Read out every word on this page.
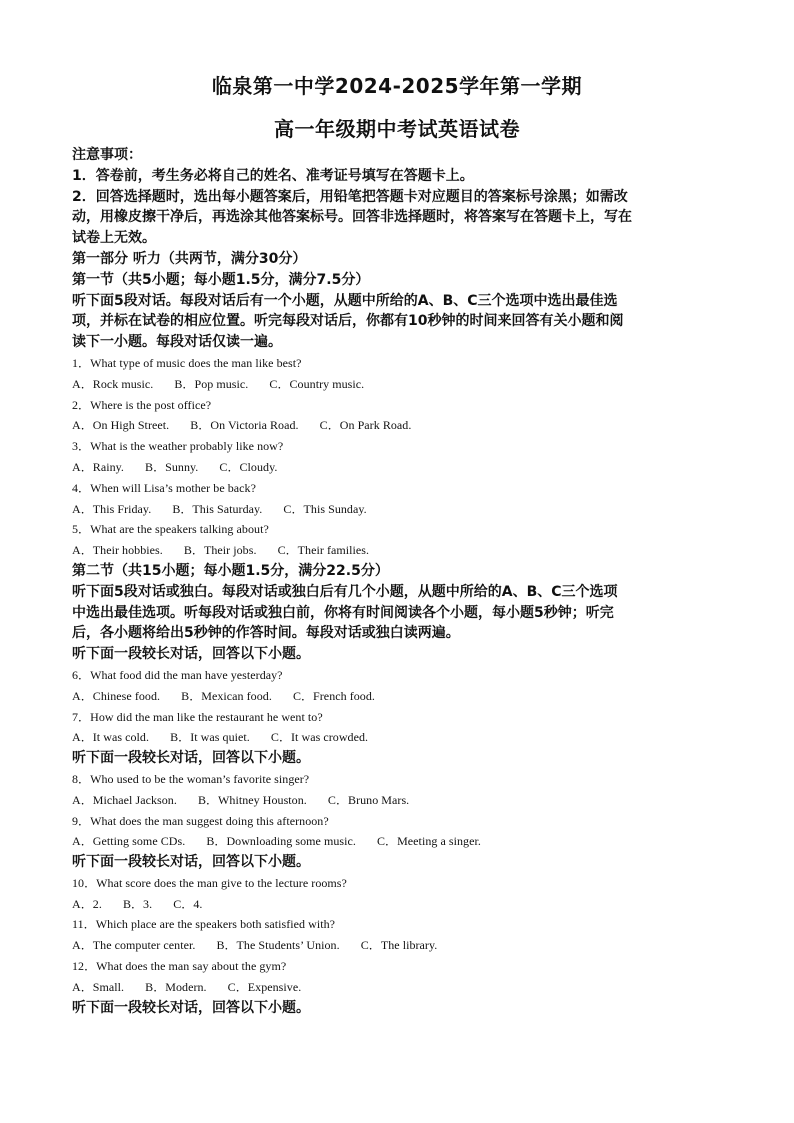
临泉第一中学2024-2025学年第一学期
高一年级期中考试英语试卷
注意事项：
1．答卷前，考生务必将自己的姓名、准考证号填写在答题卡上。
2．回答选择题时，选出每小题答案后，用铅笔把答题卡对应题目的答案标号涂黑；如需改
动，用橡皮擦干净后，再选涂其他答案标号。回答非选择题时，将答案写在答题卡上，写在
试卷上无效。
第一部分 听力（共两节，满分30分）
第一节（共5小题；每小题1.5分，满分7.5分）
听下面5段对话。每段对话后有一个小题，从题中所给的A、B、C三个选项中选出最佳选
项，并标在试卷的相应位置。听完每段对话后，你都有10秒钟的时间来回答有关小题和阅
读下一小题。每段对话仅读一遍。
1．What type of music does the man like best?
A．Rock music. B．Pop music. C．Country music.
2．Where is the post office?
A．On High Street. B．On Victoria Road. C．On Park Road.
3．What is the weather probably like now?
A．Rainy. B．Sunny. C．Cloudy.
4．When will Lisa’s mother be back?
A．This Friday. B．This Saturday. C．This Sunday.
5．What are the speakers talking about?
A．Their hobbies. B．Their jobs. C．Their families.
第二节（共15小题；每小题1.5分，满分22.5分）
听下面5段对话或独白。每段对话或独白后有几个小题，从题中所给的A、B、C三个选项
中选出最佳选项。听每段对话或独白前，你将有时间阅读各个小题，每小题5秒钟；听完
后，各小题将给出5秒钟的作答时间。每段对话或独白读两遍。
听下面一段较长对话，回答以下小题。
6．What food did the man have yesterday?
A．Chinese food. B．Mexican food. C．French food.
7．How did the man like the restaurant he went to?
A．It was cold. B．It was quiet. C．It was crowded.
听下面一段较长对话，回答以下小题。
8．Who used to be the woman’s favorite singer?
A．Michael Jackson. B．Whitney Houston. C．Bruno Mars.
9．What does the man suggest doing this afternoon?
A．Getting some CDs. B．Downloading some music. C．Meeting a singer.
听下面一段较长对话，回答以下小题。
10．What score does the man give to the lecture rooms?
A．2. B．3. C．4.
11．Which place are the speakers both satisfied with?
A．The computer center. B．The Students’ Union. C．The library.
12．What does the man say about the gym?
A．Small. B．Modern. C．Expensive.
听下面一段较长对话，回答以下小题。
